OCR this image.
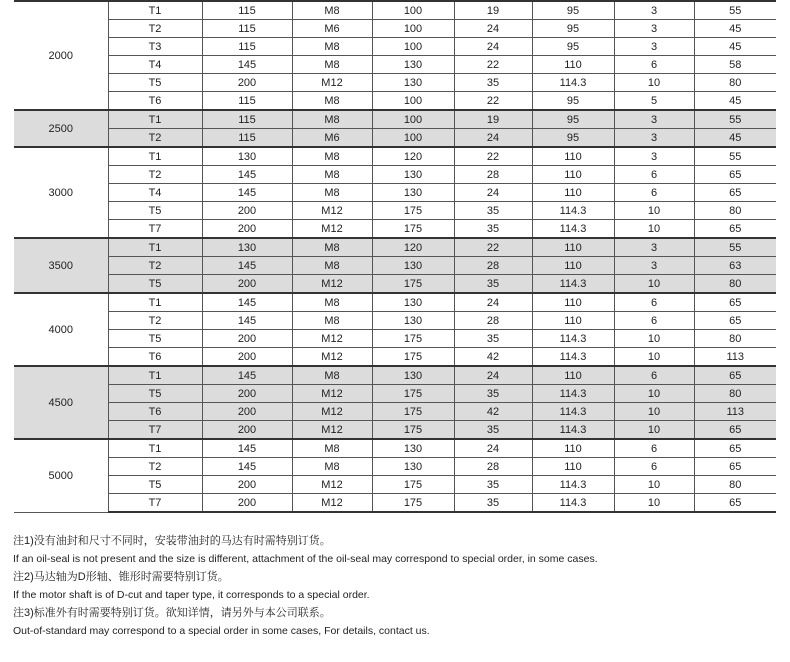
2000	T1	115	M8	100	19	95	3	55
	T2	115	M6	100	24	95	3	45
	T3	115	M8	100	24	95	3	45
	T4	145	M8	130	22	110	6	58
	T5	200	M12	130	35	114.3	10	80
	T6	115	M8	100	22	95	5	45
2500	T1	115	M8	100	19	95	3	55
	T2	115	M6	100	24	95	3	45
3000	T1	130	M8	120	22	110	3	55
	T2	145	M8	130	28	110	6	65
	T4	145	M8	130	24	110	6	65
	T5	200	M12	175	35	114.3	10	80
	T7	200	M12	175	35	114.3	10	65
3500	T1	130	M8	120	22	110	3	55
	T2	145	M8	130	28	110	3	63
	T5	200	M12	175	35	114.3	10	80
4000	T1	145	M8	130	24	110	6	65
	T2	145	M8	130	28	110	6	65
	T5	200	M12	175	35	114.3	10	80
	T6	200	M12	175	42	114.3	10	113
4500	T1	145	M8	130	24	110	6	65
	T5	200	M12	175	35	114.3	10	80
	T6	200	M12	175	42	114.3	10	113
	T7	200	M12	175	35	114.3	10	65
5000	T1	145	M8	130	24	110	6	65
	T2	145	M8	130	28	110	6	65
	T5	200	M12	175	35	114.3	10	80
	T7	200	M12	175	35	114.3	10	65
注1)没有油封和尺寸不同时，安装带油封的马达有时需特别订货。
If an oil-seal is not present and the size is different, attachment of the oil-seal may correspond to special order, in some cases.
注2)马达轴为D形轴、锥形时需要特别订货。
If the motor shaft is of D-cut and taper type, it corresponds to a special order.
注3)标准外有时需要特别订货。欲知详情，请另外与本公司联系。
Out-of-standard may correspond to a special order in some cases, For details, contact us.
